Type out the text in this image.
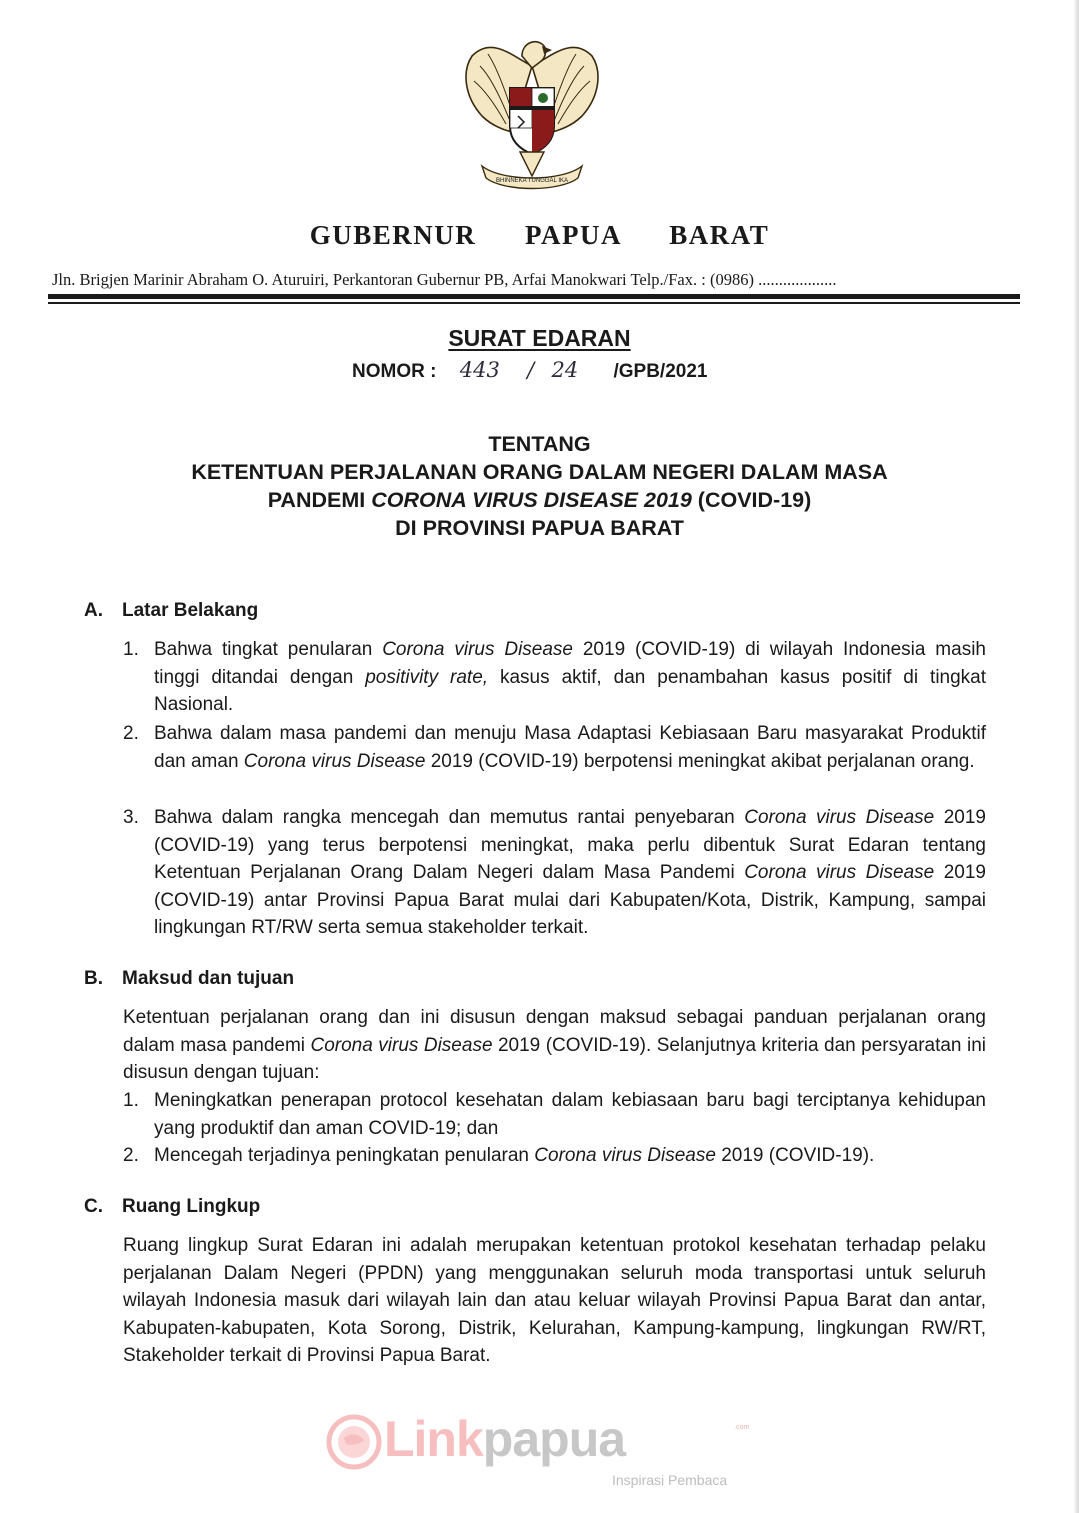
BHINNEKA TUNGGAL IKA
GUBERNUR   PAPUA   BARAT
Jln. Brigjen Marinir Abraham O. Aturuiri, Perkantoran Gubernur PB, Arfai Manokwari Telp./Fax. : (0986) ...................
SURAT EDARAN
NOMOR : 443 / 24 /GPB/2021
TENTANG
KETENTUAN PERJALANAN ORANG DALAM NEGERI DALAM MASA
PANDEMI CORONA VIRUS DISEASE 2019 (COVID-19)
DI PROVINSI PAPUA BARAT
A. Latar Belakang
1. Bahwa tingkat penularan Corona virus Disease 2019 (COVID-19) di wilayah Indonesia masih tinggi ditandai dengan positivity rate, kasus aktif, dan penambahan kasus positif di tingkat Nasional.
2. Bahwa dalam masa pandemi dan menuju Masa Adaptasi Kebiasaan Baru masyarakat Produktif dan aman Corona virus Disease 2019 (COVID-19) berpotensi meningkat akibat perjalanan orang.
3. Bahwa dalam rangka mencegah dan memutus rantai penyebaran Corona virus Disease 2019 (COVID-19) yang terus berpotensi meningkat, maka perlu dibentuk Surat Edaran tentang Ketentuan Perjalanan Orang Dalam Negeri dalam Masa Pandemi Corona virus Disease 2019 (COVID-19) antar Provinsi Papua Barat mulai dari Kabupaten/Kota, Distrik, Kampung, sampai lingkungan RT/RW serta semua stakeholder terkait.
B. Maksud dan tujuan
Ketentuan perjalanan orang dan ini disusun dengan maksud sebagai panduan perjalanan orang dalam masa pandemi Corona virus Disease 2019 (COVID-19). Selanjutnya kriteria dan persyaratan ini disusun dengan tujuan:
1. Meningkatkan penerapan protocol kesehatan dalam kebiasaan baru bagi terciptanya kehidupan yang produktif dan aman COVID-19; dan
2. Mencegah terjadinya peningkatan penularan Corona virus Disease 2019 (COVID-19).
C. Ruang Lingkup
Ruang lingkup Surat Edaran ini adalah merupakan ketentuan protokol kesehatan terhadap pelaku perjalanan Dalam Negeri (PPDN) yang menggunakan seluruh moda transportasi untuk seluruh wilayah Indonesia masuk dari wilayah lain dan atau keluar wilayah Provinsi Papua Barat dan antar, Kabupaten-kabupaten, Kota Sorong, Distrik, Kelurahan, Kampung-kampung, lingkungan RW/RT, Stakeholder terkait di Provinsi Papua Barat.
Linkpapua	.com
Inspirasi Pembaca
